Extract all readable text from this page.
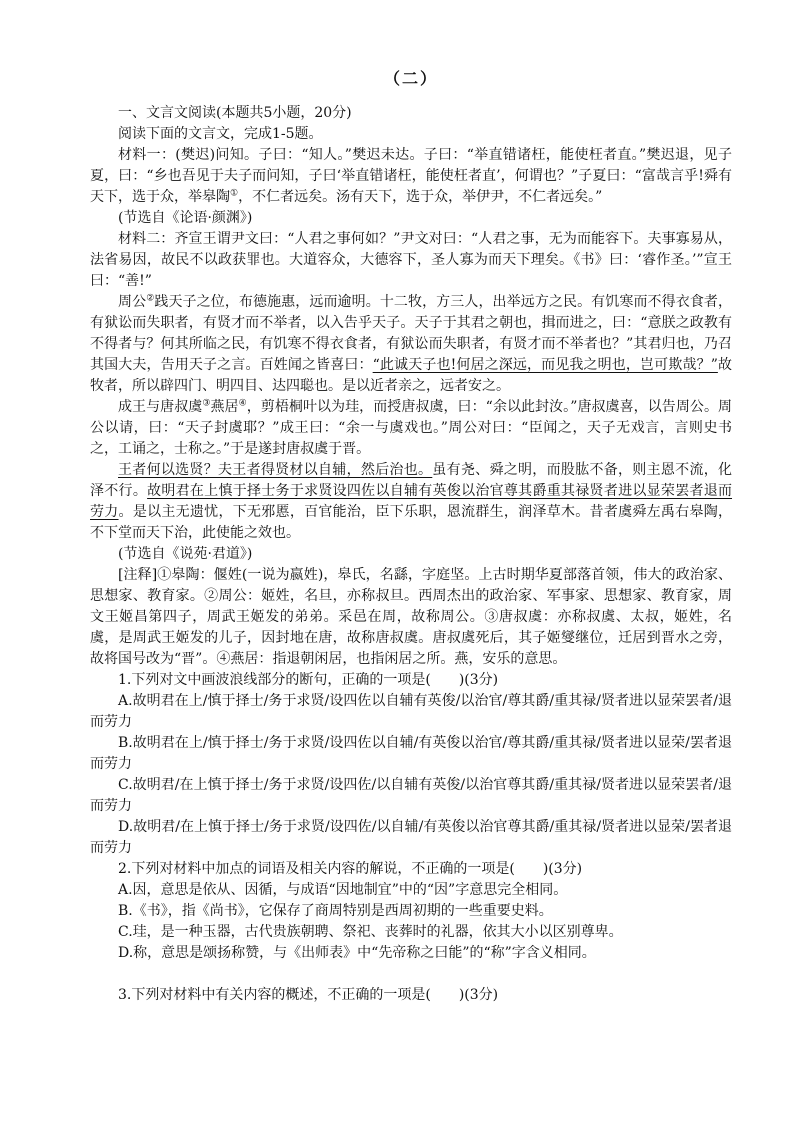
（二）

一、文言文阅读(本题共5小题，20分)

阅读下面的文言文，完成1-5题。

材料一：(樊迟)问知。子曰：“知人。”樊迟未达。子曰：“举直错诸枉，能使枉者直。”樊迟退，见子夏，曰：“乡也吾见于夫子而问知，子曰‘举直错诸枉，能使枉者直’，何谓也？”子夏曰：“富哉言乎!舜有天下，选于众，举皋陶①，不仁者远矣。汤有天下，选于众，举伊尹，不仁者远矣。”

(节选自《论语·颜渊》)

材料二：齐宣王谓尹文曰：“人君之事何如？”尹文对曰：“人君之事，无为而能容下。夫事寡易从，法省易因，故民不以政获罪也。大道容众，大德容下，圣人寡为而天下理矣。《书》曰：‘睿作圣。’”宣王曰：“善!”

周公②践天子之位，布德施惠，远而逾明。十二牧，方三人，出举远方之民。有饥寒而不得衣食者，有狱讼而失职者，有贤才而不举者，以入告乎天子。天子于其君之朝也，揖而进之，曰：“意朕之政教有不得者与？何其所临之民，有饥寒不得衣食者，有狱讼而失职者，有贤才而不举者也？”其君归也，乃召其国大夫，告用天子之言。百姓闻之皆喜曰：“此诚天子也!何居之深远，而见我之明也，岂可欺哉？”故牧者，所以辟四门、明四目、达四聪也。是以近者亲之，远者安之。

成王与唐叔虞③燕居④，剪梧桐叶以为珪，而授唐叔虞，曰：“余以此封汝。”唐叔虞喜，以告周公。周公以请，曰：“天子封虞耶？”成王曰：“余一与虞戏也。”周公对曰：“臣闻之，天子无戏言，言则史书之，工诵之，士称之。”于是遂封唐叔虞于晋。

王者何以选贤？夫王者得贤材以自辅，然后治也。虽有尧、舜之明，而股肱不备，则主恩不流，化泽不行。故明君在上慎于择士务于求贤设四佐以自辅有英俊以治官尊其爵重其禄贤者进以显荣罢者退而劳力。是以主无遗忧，下无邪慝，百官能治，臣下乐职，恩流群生，润泽草木。昔者虞舜左禹右皋陶，不下堂而天下治，此使能之效也。

(节选自《说苑·君道》)

[注释]①皋陶：偃姓(一说为嬴姓)，皋氏，名繇，字庭坚。上古时期华夏部落首领，伟大的政治家、思想家、教育家。②周公：姬姓，名旦，亦称叔旦。西周杰出的政治家、军事家、思想家、教育家，周文王姬昌第四子，周武王姬发的弟弟。采邑在周，故称周公。③唐叔虞：亦称叔虞、太叔，姬姓，名虞，是周武王姬发的儿子，因封地在唐，故称唐叔虞。唐叔虞死后，其子姬燮继位，迁居到晋水之旁，故将国号改为“晋”。④燕居：指退朝闲居，也指闲居之所。燕，安乐的意思。

1.下列对文中画波浪线部分的断句，正确的一项是(　　)(3分)

A.故明君在上/慎于择士/务于求贤/设四佐以自辅有英俊/以治官/尊其爵/重其禄/贤者进以显荣罢者/退而劳力

B.故明君在上/慎于择士/务于求贤/设四佐以自辅/有英俊以治官/尊其爵/重其禄/贤者进以显荣/罢者退而劳力

C.故明君/在上慎于择士/务于求贤/设四佐/以自辅有英俊/以治官尊其爵/重其禄/贤者进以显荣罢者/退而劳力

D.故明君/在上慎于择士/务于求贤/设四佐/以自辅/有英俊以治官尊其爵/重其禄/贤者进以显荣/罢者退而劳力

2.下列对材料中加点的词语及相关内容的解说，不正确的一项是(　　)(3分)

A.因，意思是依从、因循，与成语“因地制宜”中的“因”字意思完全相同。

B.《书》，指《尚书》，它保存了商周特别是西周初期的一些重要史料。

C.珪，是一种玉器，古代贵族朝聘、祭祀、丧葬时的礼器，依其大小以区别尊卑。

D.称，意思是颂扬称赞，与《出师表》中“先帝称之曰能”的“称”字含义相同。

3.下列对材料中有关内容的概述，不正确的一项是(　　)(3分)
